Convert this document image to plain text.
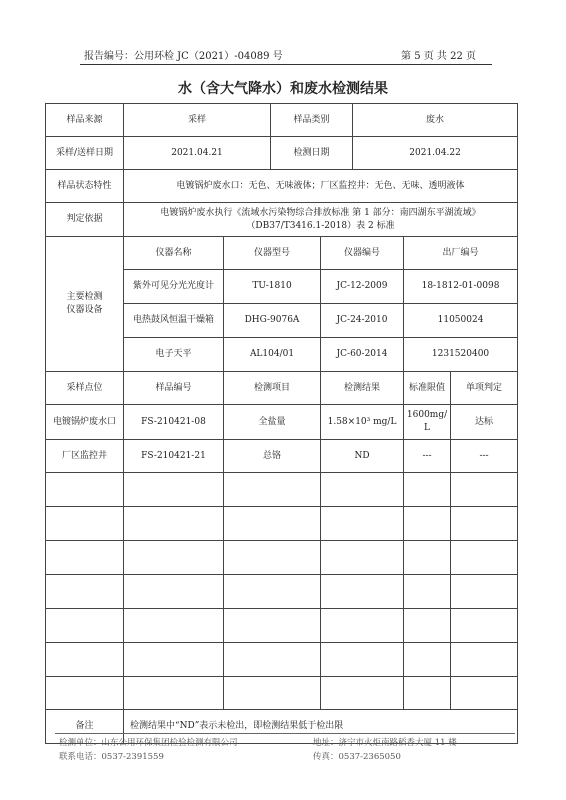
报告编号：公用环检 JC（2021）-04089 号	第 5 页 共 22 页
水（含大气降水）和废水检测结果
样品来源	采样		样品类别		废水		
采样/送样日期	2021.04.21		检测日期		2021.04.22		
样品状态特性	电镀锅炉废水口：无色、无味液体；厂区监控井：无色、无味、透明液体						
判定依据	电镀锅炉废水执行《流域水污染物综合排放标准 第 1 部分：南四湖东平湖流域》
（DB37/T3416.1-2018）表 2 标准						

主要检测
仪器设备	仪器名称	仪器型号		仪器编号		出厂编号	
	紫外可见分光光度计	TU-1810		JC-12-2009		18-1812-01-0098	
	电热鼓风恒温干燥箱	DHG-9076A		JC-24-2010		11050024	
	电子天平	AL104/01		JC-60-2014		1231520400	
采样点位	样品编号	检测项目		检测结果		标准限值	单项判定
电镀锅炉废水口	FS-210421-08	全盐量		1.58×10³ mg/L		1600mg/L	达标
厂区监控井	FS-210421-21	总铬		ND		---	---

备注	检测结果中“ND”表示未检出，即检测结果低于检出限						
检测单位：山东公用环保集团检验检测有限公司	地址：济宁市火炬南路稻香大厦 11 楼
联系电话：0537-2391559	传真：0537-2365050
